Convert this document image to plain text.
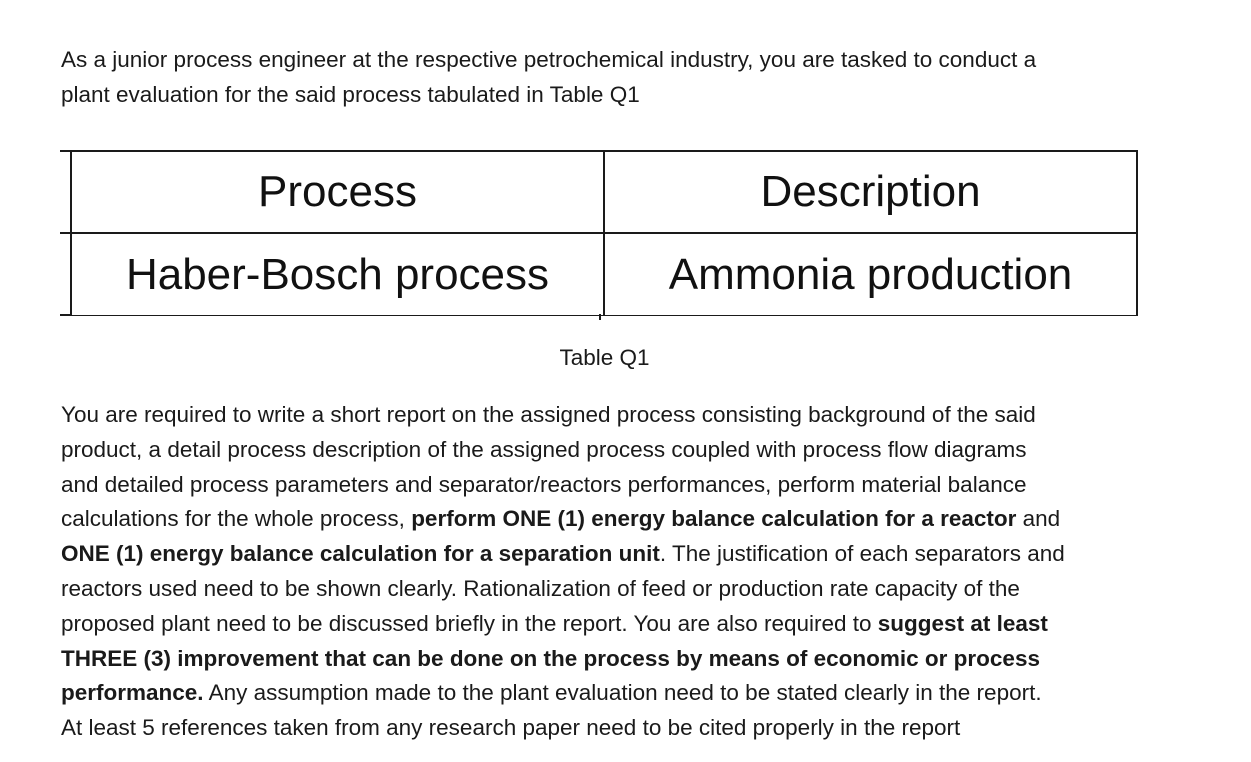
As a junior process engineer at the respective petrochemical industry, you are tasked to conduct a
plant evaluation for the said process tabulated in Table Q1

Process	Description
Haber-Bosch process	Ammonia production

Table Q1

You are required to write a short report on the assigned process consisting background of the said
product, a detail process description of the assigned process coupled with process flow diagrams
and detailed process parameters and separator/reactors performances, perform material balance
calculations for the whole process, perform ONE (1) energy balance calculation for a reactor and
ONE (1) energy balance calculation for a separation unit. The justification of each separators and
reactors used need to be shown clearly. Rationalization of feed or production rate capacity of the
proposed plant need to be discussed briefly in the report. You are also required to suggest at least
THREE (3) improvement that can be done on the process by means of economic or process
performance. Any assumption made to the plant evaluation need to be stated clearly in the report.
At least 5 references taken from any research paper need to be cited properly in the report
